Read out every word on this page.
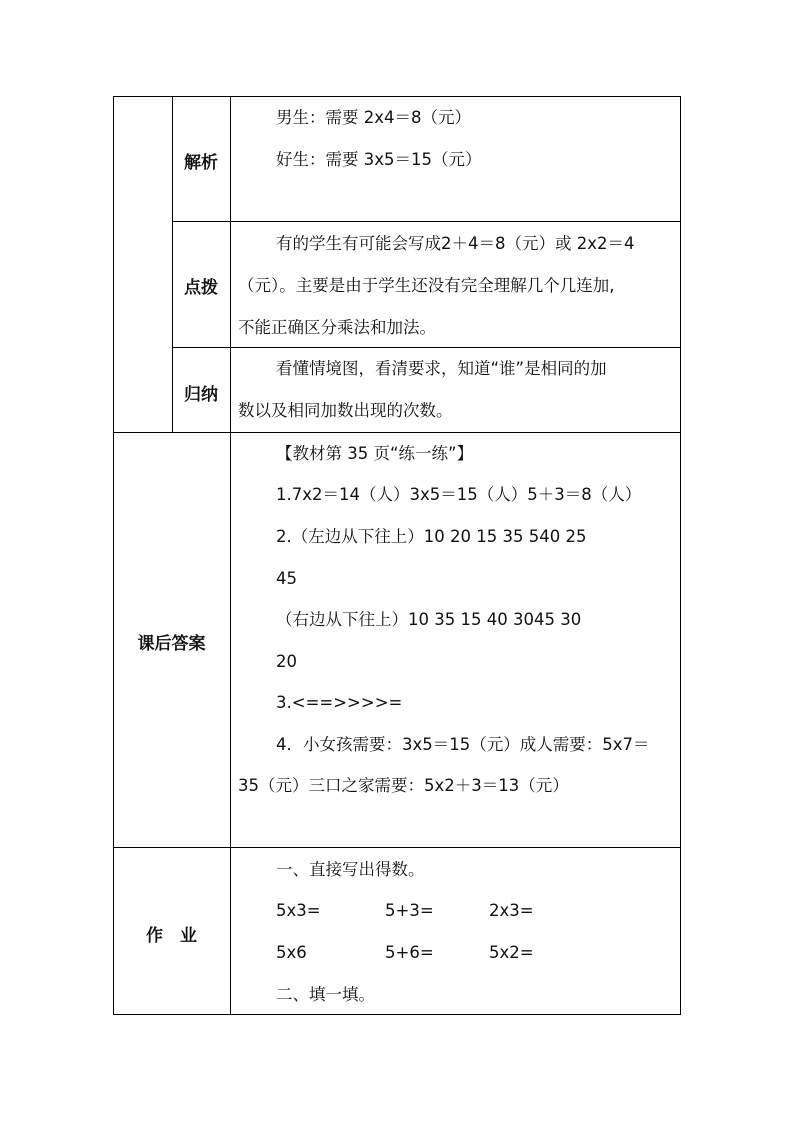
解析
男生：需要 2x4＝8（元）
好生：需要 3x5＝15（元）
点拨
有的学生有可能会写成2＋4＝8（元）或 2x2＝4
（元）。主要是由于学生还没有完全理解几个几连加,
不能正确区分乘法和加法。
归纳
看懂情境图，看清要求，知道“谁”是相同的加
数以及相同加数出现的次数。
课后答案
【教材第 35 页“练一练”】
1.7x2＝14（人）3x5＝15（人）5＋3＝8（人）
2.（左边从下往上）10 20 15 35 540 25
45
（右边从下往上）10 35 15 40 3045 30
20
3.<==>>>>=
4．小女孩需要：3x5＝15（元）成人需要：5x7＝
35（元）三口之家需要：5x2＋3＝13（元）
作　业
一、直接写出得数。
5x3=	5+3=	2x3=
5x6	5+6=	5x2=
二、填一填。
